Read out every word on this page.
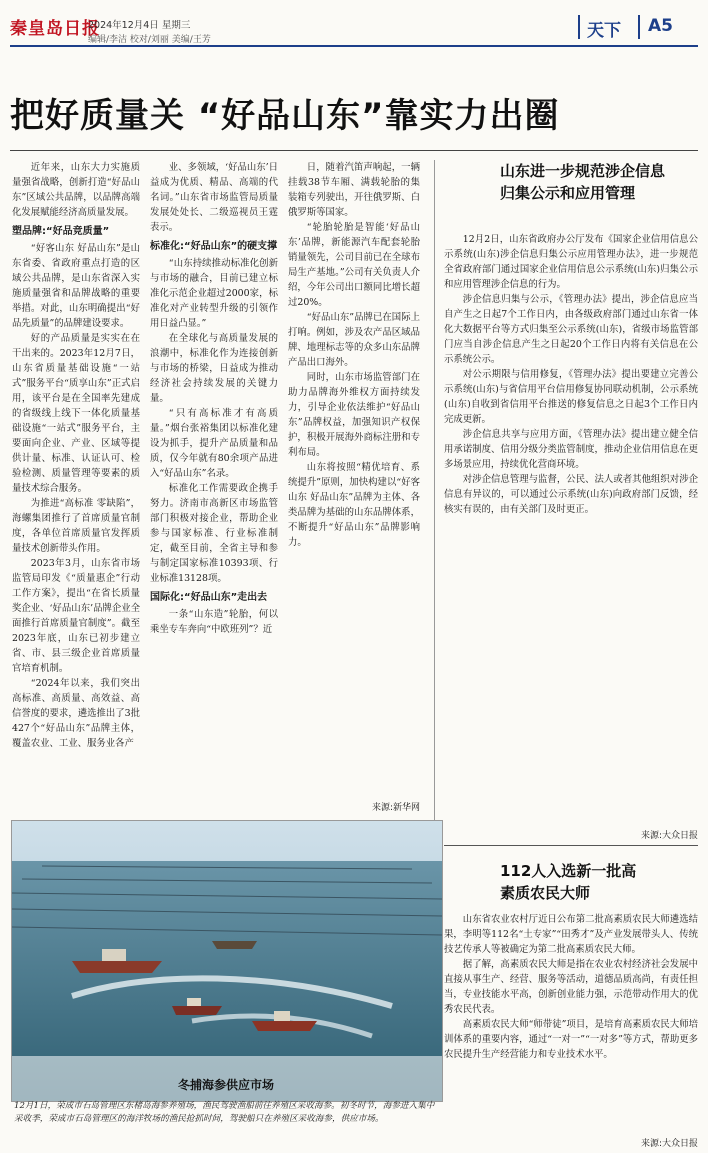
秦皇岛日报
2024年12月4日 星期三
编辑/李洁 校对/刘丽 美编/王芳	天下 A5
把好质量关 “好品山东”靠实力出圈

近年来，山东大力实施质量强省战略，创新打造“好品山东”区域公共品牌，以品牌高端化发展赋能经济高质量发展。

塑品牌:“好品竞质量”

“好客山东 好品山东”是山东省委、省政府重点打造的区域公共品牌，是山东省深入实施质量强省和品牌战略的重要举措。对此，山东明确提出“好品先质量”的品牌建设要求。

好的产品质量是实实在在干出来的。2023年12月7日，山东省质量基础设施“一站式”服务平台“质享山东”正式启用，该平台是在全国率先建成的省级线上线下一体化质量基础设施“一站式”服务平台，主要面向企业、产业、区域等提供计量、标准、认证认可、检验检测、质量管理等要素的质量技术综合服务。

为推进“高标准 零缺陷”，海螺集团推行了首席质量官制度，各单位首席质量官发挥质量技术创新带头作用。

2023年3月，山东省市场监管局印发《“质量惠企”行动工作方案》，提出“在省长质量奖企业、‘好品山东’品牌企业全面推行首席质量官制度”。截至2023年底，山东已初步建立省、市、县三级企业首席质量官培育机制。

“2024年以来，我们突出高标准、高质量、高效益、高信誉度的要求，遴选推出了3批427个“好品山东”品牌主体，覆盖农业、工业、服务业各产

业、多领域，‘好品山东’日益成为优质、精品、高端的代名词。”山东省市场监管局质量发展处处长、二级巡视员王霆表示。

标准化:“好品山东”的硬支撑

“山东持续推动标准化创新与市场的融合，目前已建立标准化示范企业超过2000家，标准化对产业转型升级的引领作用日益凸显。”

在全球化与高质量发展的浪潮中，标准化作为连接创新与市场的桥梁，日益成为推动经济社会持续发展的关键力量。

“只有高标准才有高质量。”烟台张裕集团以标准化建设为抓手，提升产品质量和品质，仅今年就有80余项产品进入“好品山东”名录。

标准化工作需要政企携手努力。济南市高新区市场监管部门积极对接企业，帮助企业参与国家标准、行业标准制定，截至目前，全省主导和参与制定国家标准10393项、行业标准13128项。

国际化:“好品山东”走出去

一条“山东造”轮胎，何以乘坐专车奔向“中欧班列”？近

日，随着汽笛声响起，一辆挂载38节车厢、满载轮胎的集装箱专列驶出，开往俄罗斯、白俄罗斯等国家。

“轮胎轮胎是智能‘好品山东’品牌，新能源汽车配套轮胎销量领先，公司目前已在全球布局生产基地。”公司有关负责人介绍，今年公司出口额同比增长超过20%。

“好品山东”品牌已在国际上打响。例如，涉及农产品区域品牌、地理标志等的众多山东品牌产品出口海外。

同时，山东市场监管部门在助力品牌海外维权方面持续发力，引导企业依法维护“好品山东”品牌权益，加强知识产权保护，积极开展海外商标注册和专利布局。

山东将按照“精优培育、系统提升”原则，加快构建以“好客山东 好品山东”品牌为主体、各类品牌为基础的山东品牌体系，不断提升“好品山东”品牌影响力。

来源:新华网
山东进一步规范涉企信息归集公示和应用管理

12月2日，山东省政府办公厅发布《国家企业信用信息公示系统(山东)涉企信息归集公示应用管理办法》，进一步规范全省政府部门通过国家企业信用信息公示系统(山东)归集公示和应用管理涉企信息的行为。

涉企信息归集与公示，《管理办法》提出，涉企信息应当自产生之日起7个工作日内，由各级政府部门通过山东省一体化大数据平台等方式归集至公示系统(山东)，省级市场监管部门应当自涉企信息产生之日起20个工作日内将有关信息在公示系统公示。

对公示期限与信用修复，《管理办法》提出要建立完善公示系统(山东)与省信用平台信用修复协同联动机制，公示系统(山东)自收到省信用平台推送的修复信息之日起3个工作日内完成更新。

涉企信息共享与应用方面，《管理办法》提出建立健全信用承诺制度、信用分级分类监管制度，推动企业信用信息在更多场景应用，持续优化营商环境。

对涉企信息管理与监督，公民、法人或者其他组织对涉企信息有异议的，可以通过公示系统(山东)向政府部门反馈，经核实有误的，由有关部门及时更正。

来源:大众日报
112人入选新一批高素质农民大师

山东省农业农村厅近日公布第二批高素质农民大师遴选结果，李明等112名“土专家”“田秀才”及产业发展带头人、传统技艺传承人等被确定为第二批高素质农民大师。

据了解，高素质农民大师是指在农业农村经济社会发展中直接从事生产、经营、服务等活动，道德品质高尚，有责任担当，专业技能水平高，创新创业能力强，示范带动作用大的优秀农民代表。

高素质农民大师“师带徒”项目，是培育高素质农民大师培训体系的重要内容，通过“一对一”“一对多”等方式，帮助更多农民提升生产经营能力和专业技术水平。

来源:大众日报
冬捕海参供应市场
12月1日，荣成市石岛管理区东楮岛海参养殖场，渔民驾驶渔船前往养殖区采收海参。初冬时节，海参进入集中采收季，荣成市石岛管理区的海洋牧场的渔民抢抓时间，驾驶船只在养殖区采收海参，供应市场。
